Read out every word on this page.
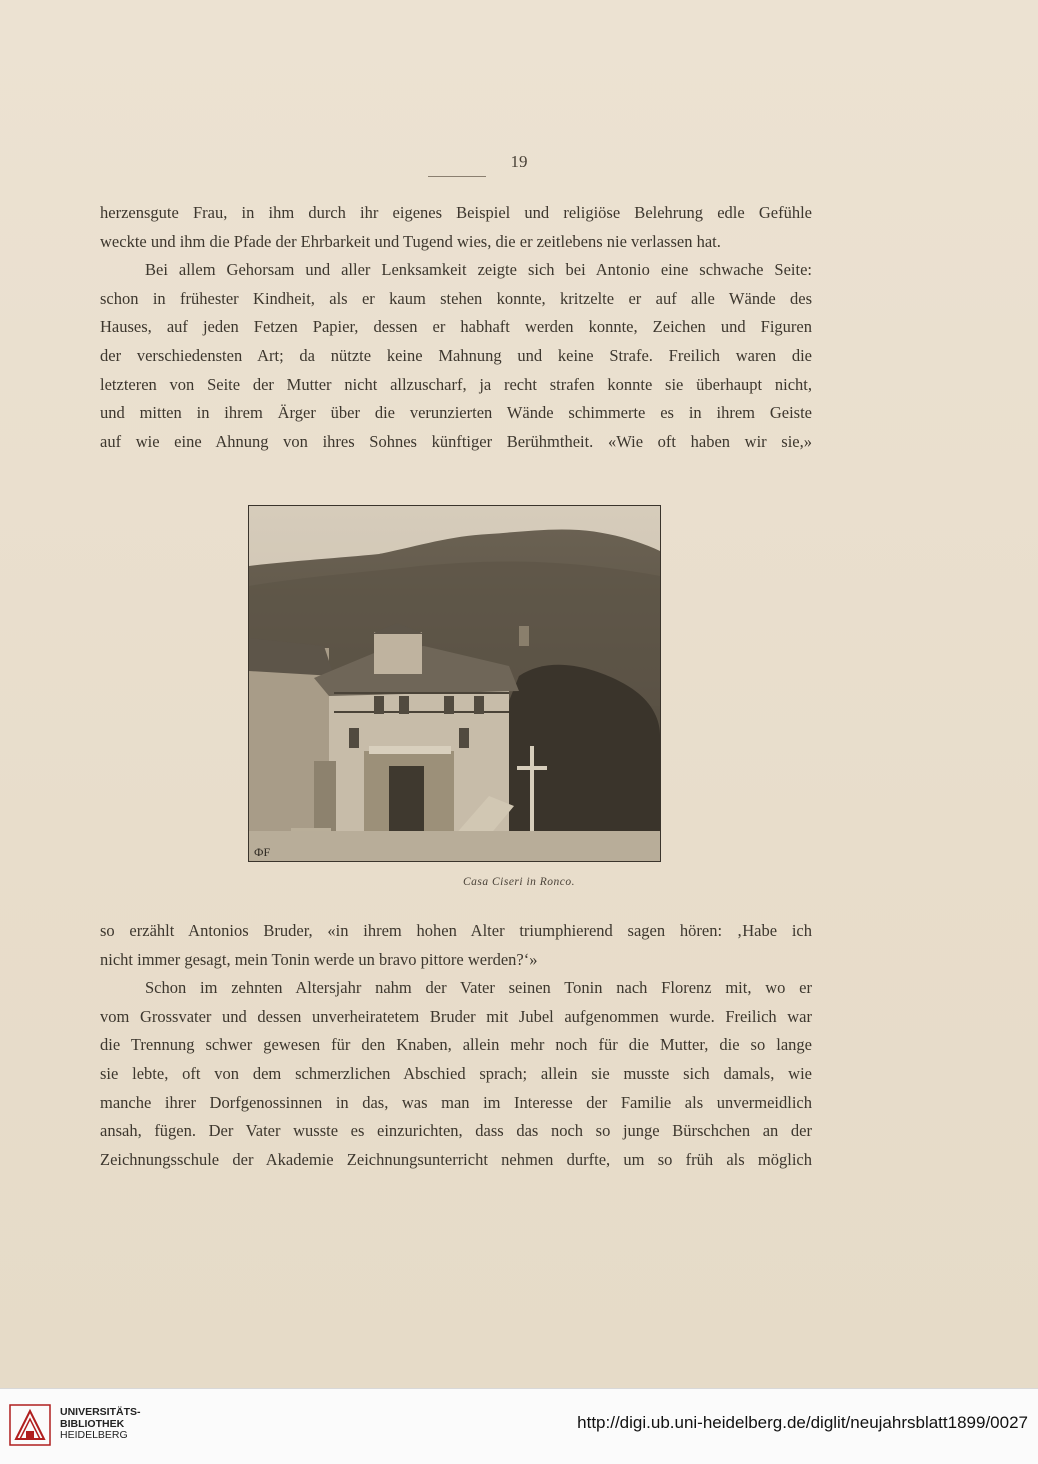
19

herzensgute Frau, in ihm durch ihr eigenes Beispiel und religiöse Belehrung edle Gefühle

weckte und ihm die Pfade der Ehrbarkeit und Tugend wies, die er zeitlebens nie verlassen hat.

Bei allem Gehorsam und aller Lenksamkeit zeigte sich bei Antonio eine schwache Seite:

schon in frühester Kindheit, als er kaum stehen konnte, kritzelte er auf alle Wände des

Hauses, auf jeden Fetzen Papier, dessen er habhaft werden konnte, Zeichen und Figuren

der verschiedensten Art; da nützte keine Mahnung und keine Strafe. Freilich waren die

letzteren von Seite der Mutter nicht allzuscharf, ja recht strafen konnte sie überhaupt nicht,

und mitten in ihrem Ärger über die verunzierten Wände schimmerte es in ihrem Geiste

auf wie eine Ahnung von ihres Sohnes künftiger Berühmtheit. «Wie oft haben wir sie,»

ФF
Casa Ciseri in Ronco.

so erzählt Antonios Bruder, «in ihrem hohen Alter triumphierend sagen hören: ‚Habe ich

nicht immer gesagt, mein Tonin werde un bravo pittore werden?‘»

Schon im zehnten Altersjahr nahm der Vater seinen Tonin nach Florenz mit, wo er

vom Grossvater und dessen unverheiratetem Bruder mit Jubel aufgenommen wurde. Freilich war

die Trennung schwer gewesen für den Knaben, allein mehr noch für die Mutter, die so lange

sie lebte, oft von dem schmerzlichen Abschied sprach; allein sie musste sich damals, wie

manche ihrer Dorfgenossinnen in das, was man im Interesse der Familie als unvermeidlich

ansah, fügen. Der Vater wusste es einzurichten, dass das noch so junge Bürschchen an der

Zeichnungsschule der Akademie Zeichnungsunterricht nehmen durfte, um so früh als möglich

UNIVERSITÄTS-
BIBLIOTHEK
HEIDELBERG
http://digi.ub.uni-heidelberg.de/diglit/neujahrsblatt1899/0027
